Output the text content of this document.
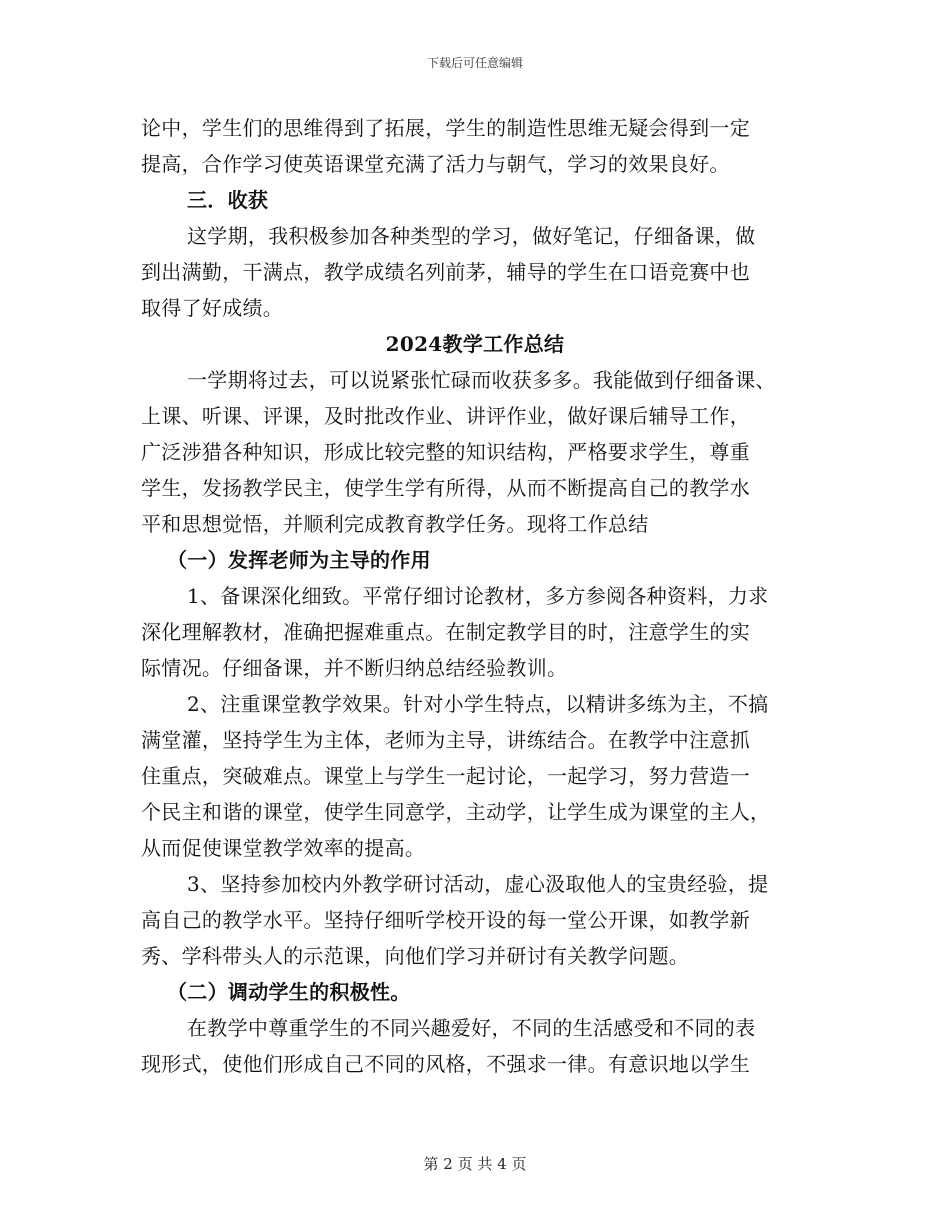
下载后可任意编辑
论中，学生们的思维得到了拓展，学生的制造性思维无疑会得到一定
提高，合作学习使英语课堂充满了活力与朝气，学习的效果良好。
三．收获
这学期，我积极参加各种类型的学习，做好笔记，仔细备课，做
到出满勤，干满点，教学成绩名列前茅，辅导的学生在口语竞赛中也
取得了好成绩。
2024教学工作总结
一学期将过去，可以说紧张忙碌而收获多多。我能做到仔细备课、
上课、听课、评课，及时批改作业、讲评作业，做好课后辅导工作，
广泛涉猎各种知识，形成比较完整的知识结构，严格要求学生，尊重
学生，发扬教学民主，使学生学有所得，从而不断提高自己的教学水
平和思想觉悟，并顺利完成教育教学任务。现将工作总结
（一）发挥老师为主导的作用
1、备课深化细致。平常仔细讨论教材，多方参阅各种资料，力求
深化理解教材，准确把握难重点。在制定教学目的时，注意学生的实
际情况。仔细备课，并不断归纳总结经验教训。
2、注重课堂教学效果。针对小学生特点，以精讲多练为主，不搞
满堂灌，坚持学生为主体，老师为主导，讲练结合。在教学中注意抓
住重点，突破难点。课堂上与学生一起讨论，一起学习，努力营造一
个民主和谐的课堂，使学生同意学，主动学，让学生成为课堂的主人，
从而促使课堂教学效率的提高。
3、坚持参加校内外教学研讨活动，虚心汲取他人的宝贵经验，提
高自己的教学水平。坚持仔细听学校开设的每一堂公开课，如教学新
秀、学科带头人的示范课，向他们学习并研讨有关教学问题。
（二）调动学生的积极性。
在教学中尊重学生的不同兴趣爱好，不同的生活感受和不同的表
现形式，使他们形成自己不同的风格，不强求一律。有意识地以学生
第 2 页 共 4 页
